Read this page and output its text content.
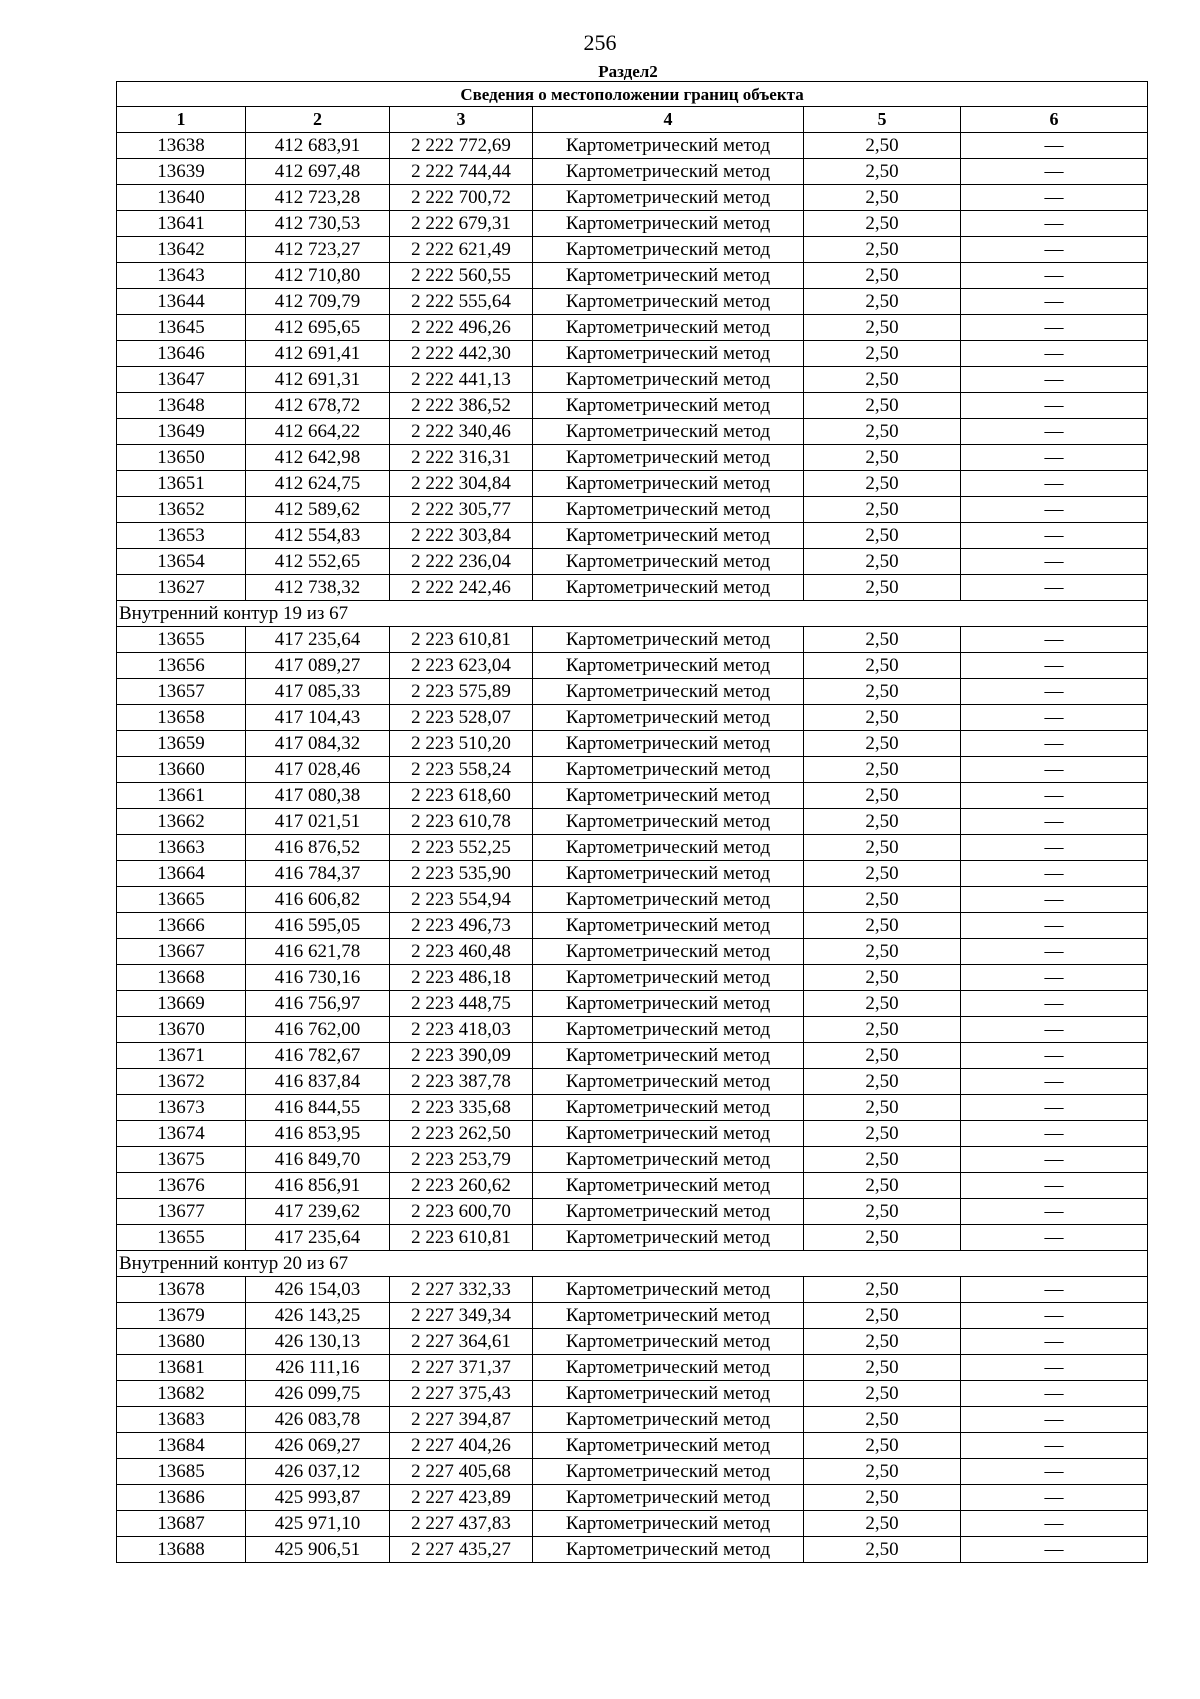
256
Раздел2
Сведения о местоположении границ объекта					
1	2	3	4	5	6
13638	412 683,91	2 222 772,69	Картометрический метод	2,50	—
13639	412 697,48	2 222 744,44	Картометрический метод	2,50	—
13640	412 723,28	2 222 700,72	Картометрический метод	2,50	—
13641	412 730,53	2 222 679,31	Картометрический метод	2,50	—
13642	412 723,27	2 222 621,49	Картометрический метод	2,50	—
13643	412 710,80	2 222 560,55	Картометрический метод	2,50	—
13644	412 709,79	2 222 555,64	Картометрический метод	2,50	—
13645	412 695,65	2 222 496,26	Картометрический метод	2,50	—
13646	412 691,41	2 222 442,30	Картометрический метод	2,50	—
13647	412 691,31	2 222 441,13	Картометрический метод	2,50	—
13648	412 678,72	2 222 386,52	Картометрический метод	2,50	—
13649	412 664,22	2 222 340,46	Картометрический метод	2,50	—
13650	412 642,98	2 222 316,31	Картометрический метод	2,50	—
13651	412 624,75	2 222 304,84	Картометрический метод	2,50	—
13652	412 589,62	2 222 305,77	Картометрический метод	2,50	—
13653	412 554,83	2 222 303,84	Картометрический метод	2,50	—
13654	412 552,65	2 222 236,04	Картометрический метод	2,50	—
13627	412 738,32	2 222 242,46	Картометрический метод	2,50	—
Внутренний контур 19 из 67					
13655	417 235,64	2 223 610,81	Картометрический метод	2,50	—
13656	417 089,27	2 223 623,04	Картометрический метод	2,50	—
13657	417 085,33	2 223 575,89	Картометрический метод	2,50	—
13658	417 104,43	2 223 528,07	Картометрический метод	2,50	—
13659	417 084,32	2 223 510,20	Картометрический метод	2,50	—
13660	417 028,46	2 223 558,24	Картометрический метод	2,50	—
13661	417 080,38	2 223 618,60	Картометрический метод	2,50	—
13662	417 021,51	2 223 610,78	Картометрический метод	2,50	—
13663	416 876,52	2 223 552,25	Картометрический метод	2,50	—
13664	416 784,37	2 223 535,90	Картометрический метод	2,50	—
13665	416 606,82	2 223 554,94	Картометрический метод	2,50	—
13666	416 595,05	2 223 496,73	Картометрический метод	2,50	—
13667	416 621,78	2 223 460,48	Картометрический метод	2,50	—
13668	416 730,16	2 223 486,18	Картометрический метод	2,50	—
13669	416 756,97	2 223 448,75	Картометрический метод	2,50	—
13670	416 762,00	2 223 418,03	Картометрический метод	2,50	—
13671	416 782,67	2 223 390,09	Картометрический метод	2,50	—
13672	416 837,84	2 223 387,78	Картометрический метод	2,50	—
13673	416 844,55	2 223 335,68	Картометрический метод	2,50	—
13674	416 853,95	2 223 262,50	Картометрический метод	2,50	—
13675	416 849,70	2 223 253,79	Картометрический метод	2,50	—
13676	416 856,91	2 223 260,62	Картометрический метод	2,50	—
13677	417 239,62	2 223 600,70	Картометрический метод	2,50	—
13655	417 235,64	2 223 610,81	Картометрический метод	2,50	—
Внутренний контур 20 из 67					
13678	426 154,03	2 227 332,33	Картометрический метод	2,50	—
13679	426 143,25	2 227 349,34	Картометрический метод	2,50	—
13680	426 130,13	2 227 364,61	Картометрический метод	2,50	—
13681	426 111,16	2 227 371,37	Картометрический метод	2,50	—
13682	426 099,75	2 227 375,43	Картометрический метод	2,50	—
13683	426 083,78	2 227 394,87	Картометрический метод	2,50	—
13684	426 069,27	2 227 404,26	Картометрический метод	2,50	—
13685	426 037,12	2 227 405,68	Картометрический метод	2,50	—
13686	425 993,87	2 227 423,89	Картометрический метод	2,50	—
13687	425 971,10	2 227 437,83	Картометрический метод	2,50	—
13688	425 906,51	2 227 435,27	Картометрический метод	2,50	—
